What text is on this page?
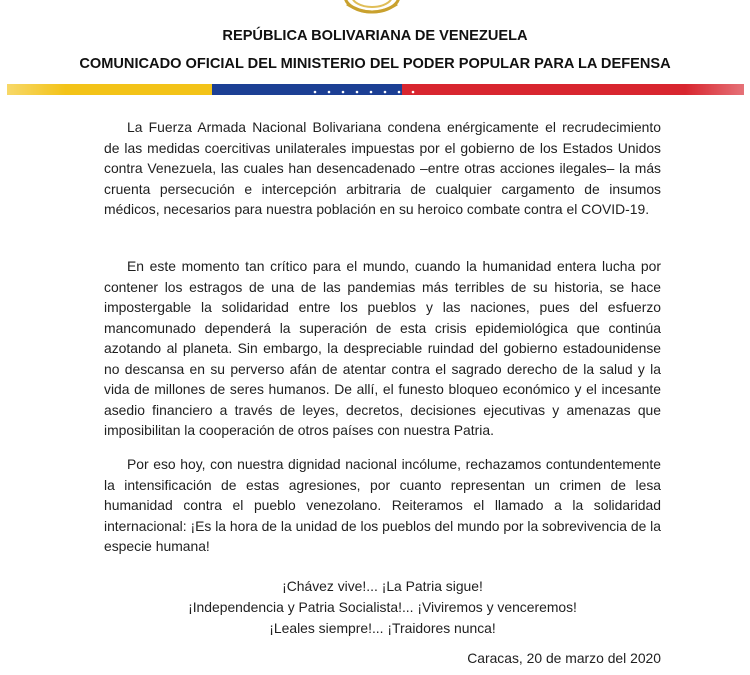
REPÚBLICA BOLIVARIANA DE VENEZUELA
COMUNICADO OFICIAL DEL MINISTERIO DEL PODER POPULAR PARA LA DEFENSA

La Fuerza Armada Nacional Bolivariana condena enérgicamente el recrudecimiento de las medidas coercitivas unilaterales impuestas por el gobierno de los Estados Unidos contra Venezuela, las cuales han desencadenado –entre otras acciones ilegales– la más cruenta persecución e intercepción arbitraria de cualquier cargamento de insumos médicos, necesarios para nuestra población en su heroico combate contra el COVID-19.

En este momento tan crítico para el mundo, cuando la humanidad entera lucha por contener los estragos de una de las pandemias más terribles de su historia, se hace impostergable la solidaridad entre los pueblos y las naciones, pues del esfuerzo mancomunado dependerá la superación de esta crisis epidemiológica que continúa azotando al planeta. Sin embargo, la despreciable ruindad del gobierno estadounidense no descansa en su perverso afán de atentar contra el sagrado derecho de la salud y la vida de millones de seres humanos. De allí, el funesto bloqueo económico y el incesante asedio financiero a través de leyes, decretos, decisiones ejecutivas y amenazas que imposibilitan la cooperación de otros países con nuestra Patria.

Por eso hoy, con nuestra dignidad nacional incólume, rechazamos contundentemente la intensificación de estas agresiones, por cuanto representan un crimen de lesa humanidad contra el pueblo venezolano. Reiteramos el llamado a la solidaridad internacional: ¡Es la hora de la unidad de los pueblos del mundo por la sobrevivencia de la especie humana!

¡Chávez vive!... ¡La Patria sigue!
¡Independencia y Patria Socialista!... ¡Viviremos y venceremos!
¡Leales siempre!... ¡Traidores nunca!
Caracas, 20 de marzo del 2020
